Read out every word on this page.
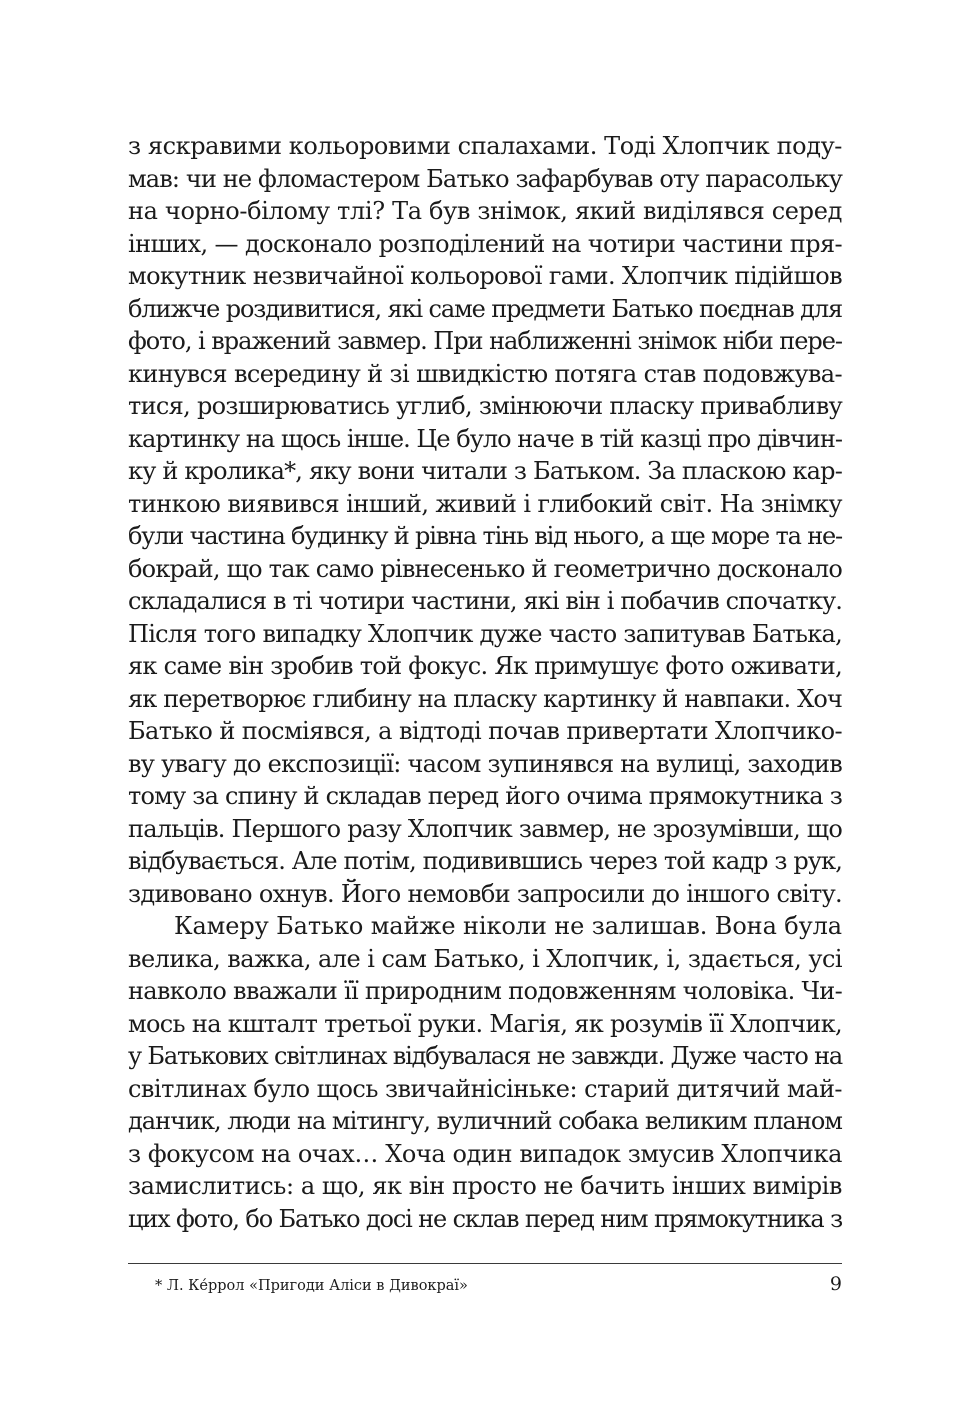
з яскравими кольоровими спалахами. Тоді Хлопчик поду-
мав: чи не фломастером Батько зафарбував оту парасольку
на чорно-білому тлі? Та був знімок, який виділявся серед
інших, — досконало розподілений на чотири частини пря-
мокутник незвичайної кольорової гами. Хлопчик підійшов
ближче роздивитися, які саме предмети Батько поєднав для
фото, і вражений завмер. При наближенні знімок ніби пере-
кинувся всередину й зі швидкістю потяга став подовжува-
тися, розширюватись углиб, змінюючи пласку привабливу
картинку на щось інше. Це було наче в тій казці про дівчин-
ку й кролика*, яку вони читали з Батьком. За пласкою кар-
тинкою виявився інший, живий і глибокий світ. На знімку
були частина будинку й рівна тінь від нього, а ще море та не-
бокрай, що так само рівнесенько й геометрично досконало
складалися в ті чотири частини, які він і побачив спочатку.
Після того випадку Хлопчик дуже часто запитував Батька,
як саме він зробив той фокус. Як примушує фото оживати,
як перетворює глибину на пласку картинку й навпаки. Хоч
Батько й посміявся, а відтоді почав привертати Хлопчико-
ву увагу до експозиції: часом зупинявся на вулиці, заходив
тому за спину й складав перед його очима прямокутника з
пальців. Першого разу Хлопчик завмер, не зрозумівши, що
відбувається. Але потім, подивившись через той кадр з рук,
здивовано охнув. Його немовби запросили до іншого світу.
Камеру Батько майже ніколи не залишав. Вона була
велика, важка, але і сам Батько, і Хлопчик, і, здається, усі
навколо вважали її природним подовженням чоловіка. Чи-
мось на кшталт третьої руки. Магія, як розумів її Хлопчик,
у Батькових світлинах відбувалася не завжди. Дуже часто на
світлинах було щось звичайнісіньке: старий дитячий май-
данчик, люди на мітингу, вуличний собака великим планом
з фокусом на очах… Хоча один випадок змусив Хлопчика
замислитись: а що, як він просто не бачить інших вимірів
цих фото, бо Батько досі не склав перед ним прямокутника з
* Л. Ке́ррол «Пригоди Аліси в Дивокраї»	9
